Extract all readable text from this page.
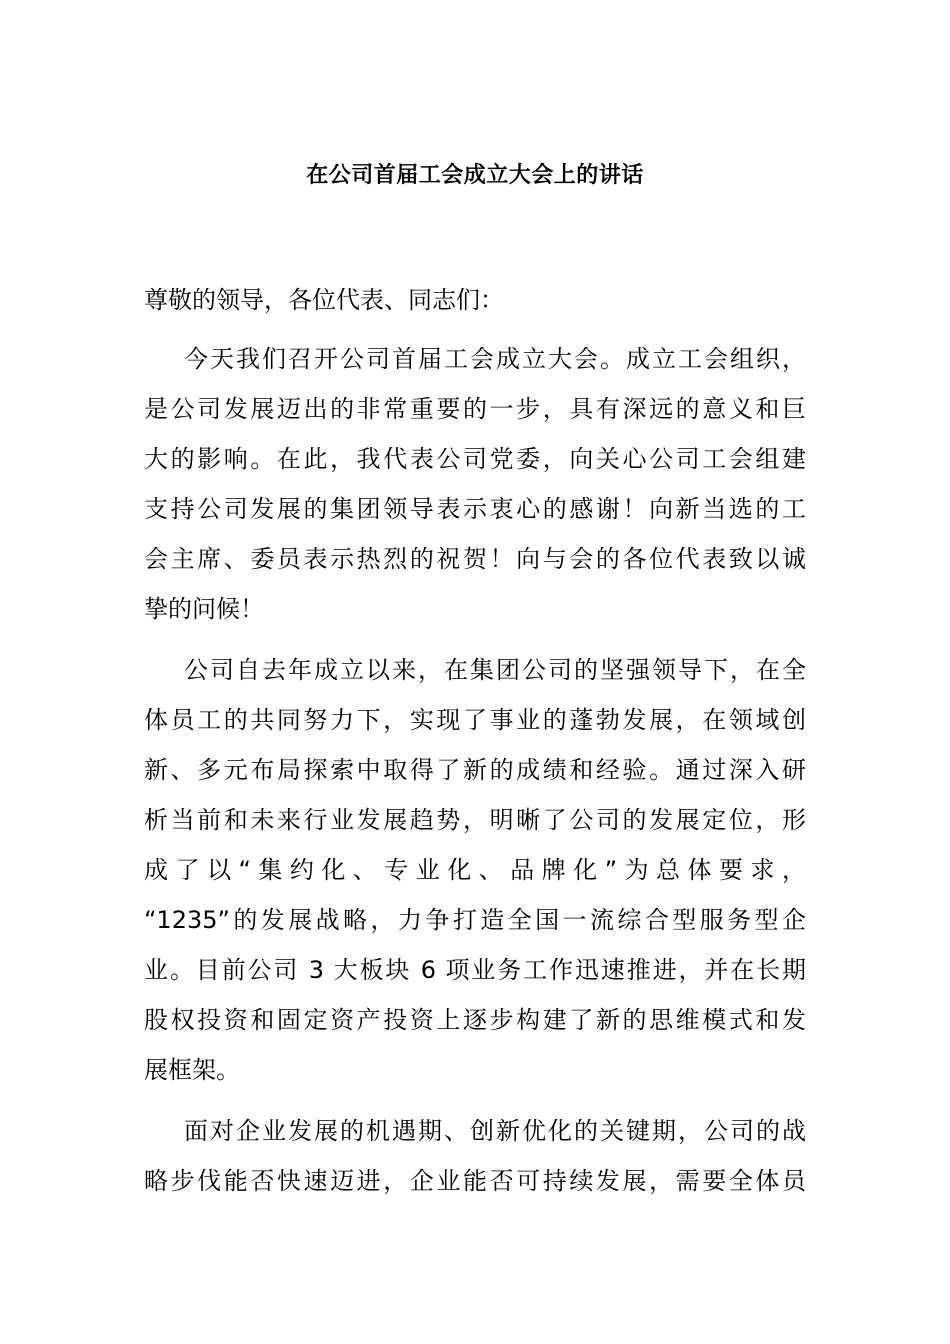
在公司首届工会成立大会上的讲话
尊敬的领导，各位代表、同志们：
今天我们召开公司首届工会成立大会。成立工会组织，
是公司发展迈出的非常重要的一步，具有深远的意义和巨
大的影响。在此，我代表公司党委，向关心公司工会组建
支持公司发展的集团领导表示衷心的感谢！向新当选的工
会主席、委员表示热烈的祝贺！向与会的各位代表致以诚
挚的问候！
公司自去年成立以来，在集团公司的坚强领导下，在全
体员工的共同努力下，实现了事业的蓬勃发展，在领域创
新、多元布局探索中取得了新的成绩和经验。通过深入研
析当前和未来行业发展趋势，明晰了公司的发展定位，形
成了以“集约化、专业化、品牌化”为总体要求，
“1235”的发展战略，力争打造全国一流综合型服务型企
业。目前公司 3 大板块 6 项业务工作迅速推进，并在长期
股权投资和固定资产投资上逐步构建了新的思维模式和发
展框架。
面对企业发展的机遇期、创新优化的关键期，公司的战
略步伐能否快速迈进，企业能否可持续发展，需要全体员
